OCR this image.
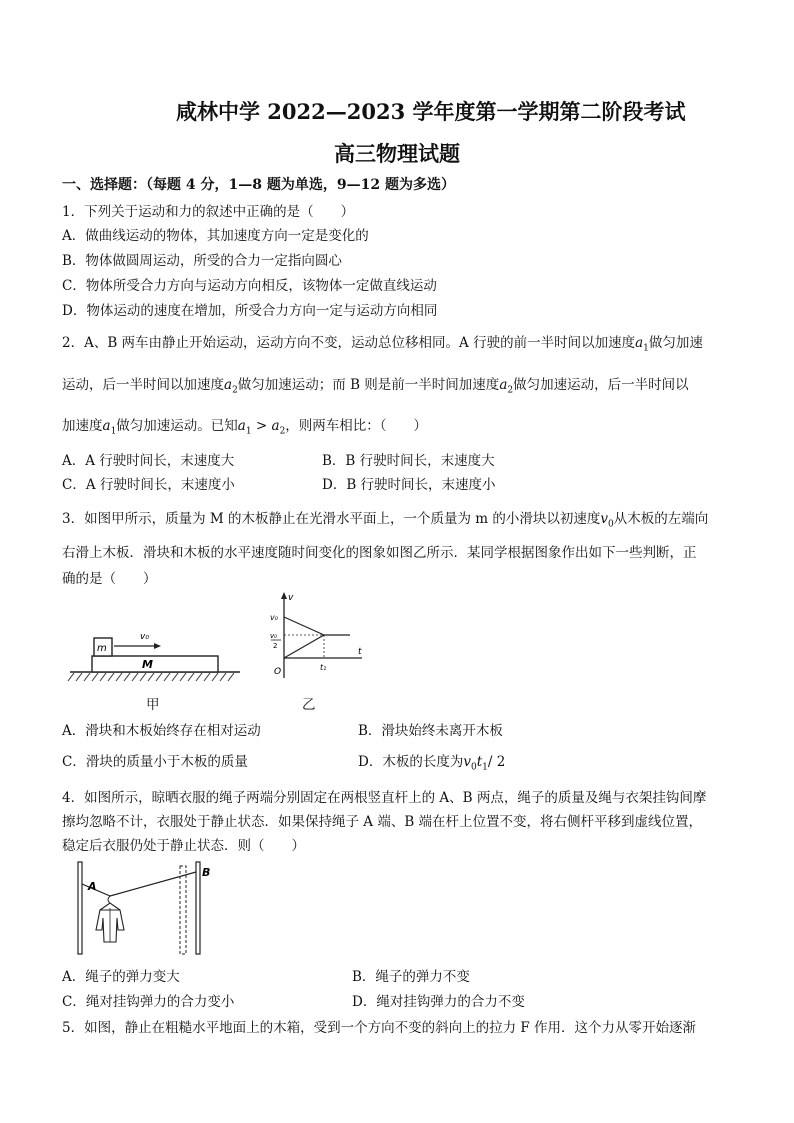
咸林中学 2022—2023 学年度第一学期第二阶段考试
高三物理试题
一、选择题：（每题 4 分，1—8 题为单选，9—12 题为多选）
1．下列关于运动和力的叙述中正确的是（　　）
A．做曲线运动的物体，其加速度方向一定是变化的
B．物体做圆周运动，所受的合力一定指向圆心
C．物体所受合力方向与运动方向相反，该物体一定做直线运动
D．物体运动的速度在增加，所受合力方向一定与运动方向相同
2．A、B 两车由静止开始运动，运动方向不变，运动总位移相同。A 行驶的前一半时间以加速度$a_1$做匀加速
运动，后一半时间以加速度$a_2$做匀加速运动；而 B 则是前一半时间加速度$a_2$做匀加速运动，后一半时间以
加速度$a_1$做匀加速运动。已知$a_1 > a_2$，则两车相比：（　　）
A．A 行驶时间长，末速度大	B．B 行驶时间长，末速度大
C．A 行驶时间长，末速度小	D．B 行驶时间长，末速度小
3．如图甲所示，质量为 M 的木板静止在光滑水平面上，一个质量为 m 的小滑块以初速度$v_0$从木板的左端向
右滑上木板．滑块和木板的水平速度随时间变化的图象如图乙所示．某同学根据图象作出如下一些判断，正
确的是（　　）
m
M
v₀
甲
v
t
O
v₀
v₀
2
t₁
乙
A．滑块和木板始终存在相对运动	B．滑块始终未离开木板
C．滑块的质量小于木板的质量	D．木板的长度为$v_0t_1/$ 2
4．如图所示，晾晒衣服的绳子两端分别固定在两根竖直杆上的 A、B 两点，绳子的质量及绳与衣架挂钩间摩
擦均忽略不计，衣服处于静止状态．如果保持绳子 A 端、B 端在杆上位置不变，将右侧杆平移到虚线位置，
稳定后衣服仍处于静止状态．则（　　）
A
B
A．绳子的弹力变大	B．绳子的弹力不变
C．绳对挂钩弹力的合力变小	D．绳对挂钩弹力的合力不变
5．如图，静止在粗糙水平地面上的木箱，受到一个方向不变的斜向上的拉力 F 作用．这个力从零开始逐渐
